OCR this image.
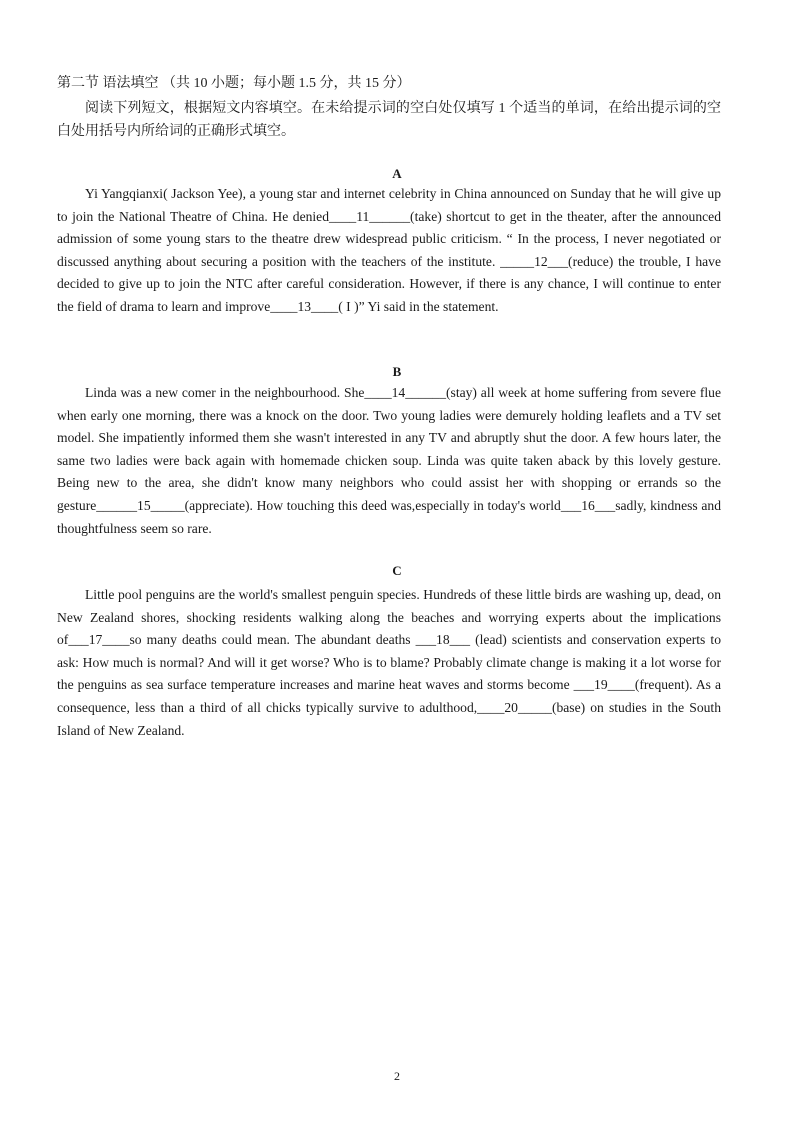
第二节 语法填空 （共 10 小题；每小题 1.5 分，共 15 分）
阅读下列短文，根据短文内容填空。在未给提示词的空白处仅填写 1 个适当的单词，在给出提示词的空白处用括号内所给词的正确形式填空。
A
Yi Yangqianxi( Jackson Yee), a young star and internet celebrity in China announced on Sunday that he will give up to join the National Theatre of China. He denied____11______(take) shortcut to get in the theater, after the announced admission of some young stars to the theatre drew widespread public criticism. “ In the process, I never negotiated or discussed anything about securing a position with the teachers of the institute. _____12___(reduce) the trouble, I have decided to give up to join the NTC after careful consideration. However, if there is any chance, I will continue to enter the field of drama to learn and improve____13____( I )” Yi said in the statement.
B
Linda was a new comer in the neighbourhood. She____14______(stay) all week at home suffering from severe flue when early one morning, there was a knock on the door. Two young ladies were demurely holding leaflets and a TV set model. She impatiently informed them she wasn't interested in any TV and abruptly shut the door. A few hours later, the same two ladies were back again with homemade chicken soup. Linda was quite taken aback by this lovely gesture. Being new to the area, she didn't know many neighbors who could assist her with shopping or errands so the gesture______15_____(appreciate). How touching this deed was,especially in today's world___16___sadly, kindness and thoughtfulness seem so rare.
C
Little pool penguins are the world's smallest penguin species. Hundreds of these little birds are washing up, dead, on New Zealand shores, shocking residents walking along the beaches and worrying experts about the implications of___17____so many deaths could mean. The abundant deaths ___18___ (lead) scientists and conservation experts to ask: How much is normal? And will it get worse? Who is to blame? Probably climate change is making it a lot worse for the penguins as sea surface temperature increases and marine heat waves and storms become ___19____(frequent). As a consequence, less than a third of all chicks typically survive to adulthood,____20_____(base) on studies in the South Island of New Zealand.
2
